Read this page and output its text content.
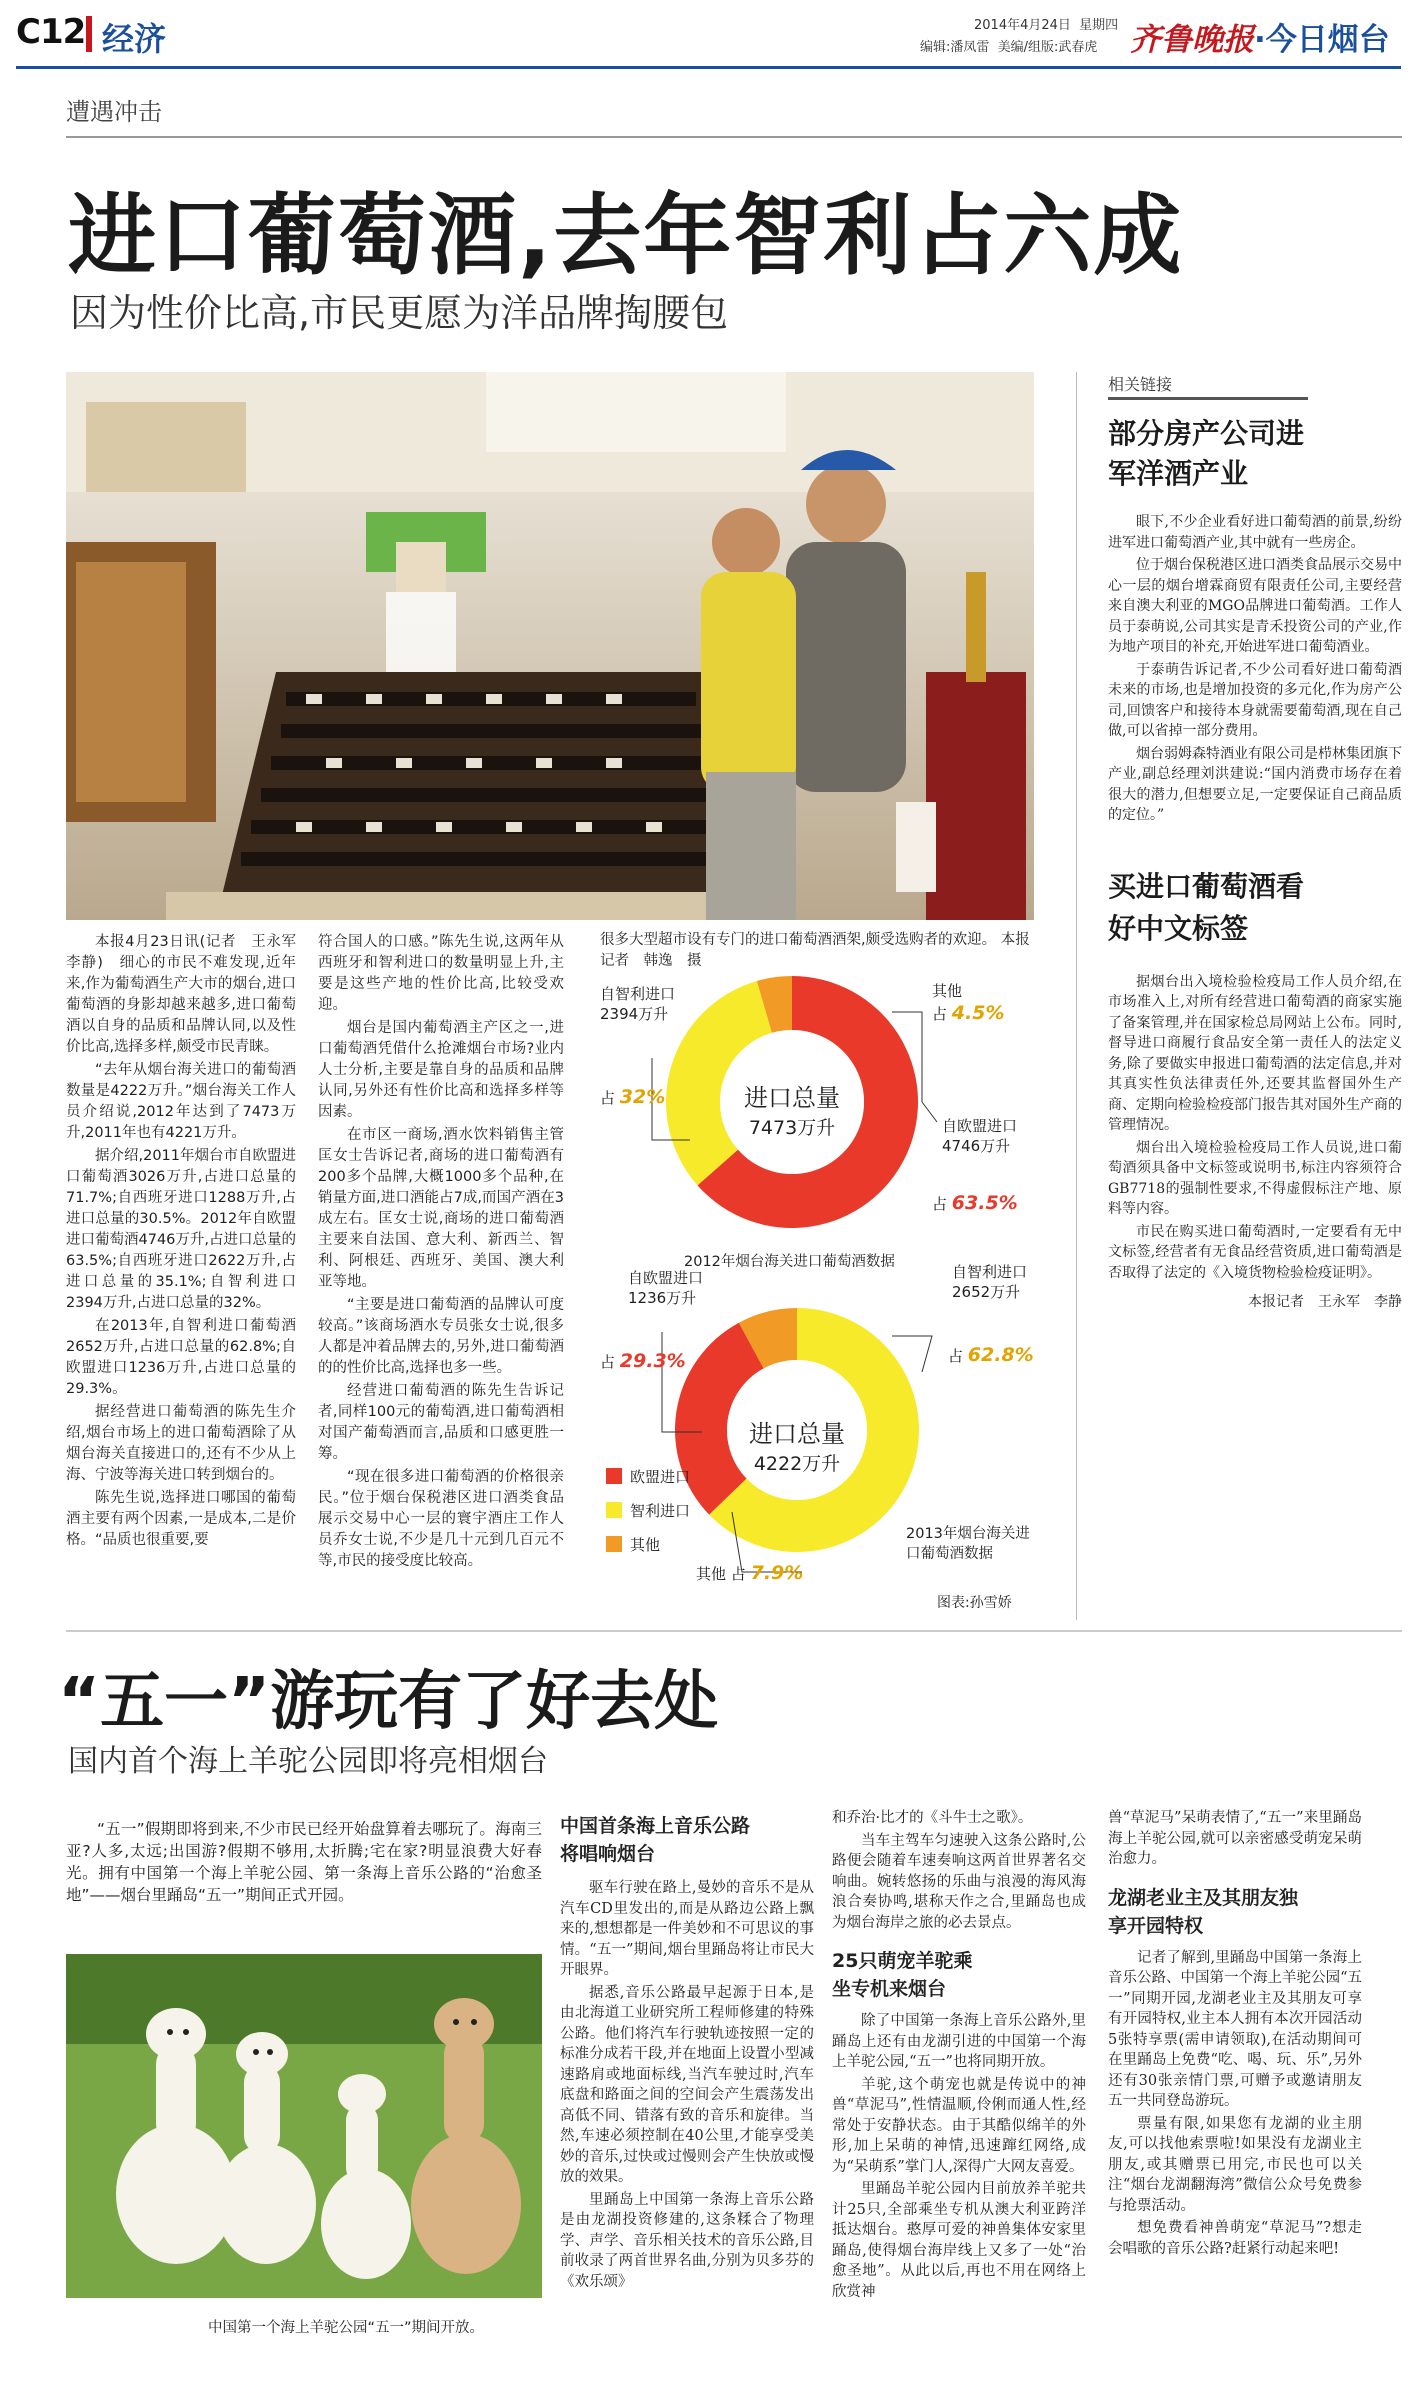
C12 经济	2014年4月24日 星期四
编辑:潘凤雷 美编/组版:武春虎 齐鲁晚报·今日烟台
遭遇冲击
进口葡萄酒,去年智利占六成
因为性价比高,市民更愿为洋品牌掏腰包

本报4月23日讯(记者　王永军　李静)　细心的市民不难发现,近年来,作为葡萄酒生产大市的烟台,进口葡萄酒的身影却越来越多,进口葡萄酒以自身的品质和品牌认同,以及性价比高,选择多样,颇受市民青睐。

“去年从烟台海关进口的葡萄酒数量是4222万升。”烟台海关工作人员介绍说,2012年达到了7473万升,2011年也有4221万升。

据介绍,2011年烟台市自欧盟进口葡萄酒3026万升,占进口总量的71.7%;自西班牙进口1288万升,占进口总量的30.5%。2012年自欧盟进口葡萄酒4746万升,占进口总量的63.5%;自西班牙进口2622万升,占进口总量的35.1%;自智利进口2394万升,占进口总量的32%。

在2013年,自智利进口葡萄酒2652万升,占进口总量的62.8%;自欧盟进口1236万升,占进口总量的29.3%。

据经营进口葡萄酒的陈先生介绍,烟台市场上的进口葡萄酒除了从烟台海关直接进口的,还有不少从上海、宁波等海关进口转到烟台的。

陈先生说,选择进口哪国的葡萄酒主要有两个因素,一是成本,二是价格。“品质也很重要,要

符合国人的口感。”陈先生说,这两年从西班牙和智利进口的数量明显上升,主要是这些产地的性价比高,比较受欢迎。

烟台是国内葡萄酒主产区之一,进口葡萄酒凭借什么抢滩烟台市场?业内人士分析,主要是靠自身的品质和品牌认同,另外还有性价比高和选择多样等因素。

在市区一商场,酒水饮料销售主管匡女士告诉记者,商场的进口葡萄酒有200多个品牌,大概1000多个品种,在销量方面,进口酒能占7成,而国产酒在3成左右。匡女士说,商场的进口葡萄酒主要来自法国、意大利、新西兰、智利、阿根廷、西班牙、美国、澳大利亚等地。

“主要是进口葡萄酒的品牌认可度较高。”该商场酒水专员张女士说,很多人都是冲着品牌去的,另外,进口葡萄酒的的性价比高,选择也多一些。

经营进口葡萄酒的陈先生告诉记者,同样100元的葡萄酒,进口葡萄酒相对国产葡萄酒而言,品质和口感更胜一筹。

“现在很多进口葡萄酒的价格很亲民。”位于烟台保税港区进口酒类食品展示交易中心一层的寰宇酒庄工作人员乔女士说,不少是几十元到几百元不等,市民的接受度比较高。

很多大型超市设有专门的进口葡萄酒酒架,颇受选购者的欢迎。 本报记者　韩逸　摄
自智利进口2394万升
占 32%
其他
占 4.5%
自欧盟进口4746万升
占 63.5%
进口总量
7473万升
2012年烟台海关进口葡萄酒数据
自欧盟进口1236万升
占 29.3%
自智利进口2652万升
占 62.8%
进口总量
4222万升
2013年烟台海关进口葡萄酒数据
其他 占 7.9%
欧盟进口
智利进口
其他
图表:孙雪娇
相关链接
部分房产公司进军洋酒产业

眼下,不少企业看好进口葡萄酒的前景,纷纷进军进口葡萄酒产业,其中就有一些房企。

位于烟台保税港区进口酒类食品展示交易中心一层的烟台增霖商贸有限责任公司,主要经营来自澳大利亚的MGO品牌进口葡萄酒。工作人员于泰萌说,公司其实是青禾投资公司的产业,作为地产项目的补充,开始进军进口葡萄酒业。

于泰萌告诉记者,不少公司看好进口葡萄酒未来的市场,也是增加投资的多元化,作为房产公司,回馈客户和接待本身就需要葡萄酒,现在自己做,可以省掉一部分费用。

烟台弱姆森特酒业有限公司是栉林集团旗下产业,副总经理刘洪建说:“国内消费市场存在着很大的潜力,但想要立足,一定要保证自己商品质的定位。”

买进口葡萄酒看好中文标签

据烟台出入境检验检疫局工作人员介绍,在市场准入上,对所有经营进口葡萄酒的商家实施了备案管理,并在国家检总局网站上公布。同时,督导进口商履行食品安全第一责任人的法定义务,除了要做实申报进口葡萄酒的法定信息,并对其真实性负法律责任外,还要其监督国外生产商、定期向检验检疫部门报告其对国外生产商的管理情况。

烟台出入境检验检疫局工作人员说,进口葡萄酒须具备中文标签或说明书,标注内容须符合GB7718的强制性要求,不得虚假标注产地、原料等内容。

市民在购买进口葡萄酒时,一定要看有无中文标签,经营者有无食品经营资质,进口葡萄酒是否取得了法定的《入境货物检验检疫证明》。

本报记者　王永军　李静
“五一”游玩有了好去处
国内首个海上羊驼公园即将亮相烟台

“五一”假期即将到来,不少市民已经开始盘算着去哪玩了。海南三亚?人多,太远;出国游?假期不够用,太折腾;宅在家?明显浪费大好春光。拥有中国第一个海上羊驼公园、第一条海上音乐公路的“治愈圣地”——烟台里踊岛“五一”期间正式开园。

中国第一个海上羊驼公园“五一”期间开放。
中国首条海上音乐公路将唱响烟台

驱车行驶在路上,曼妙的音乐不是从汽车CD里发出的,而是从路边公路上飘来的,想想都是一件美妙和不可思议的事情。“五一”期间,烟台里踊岛将让市民大开眼界。

据悉,音乐公路最早起源于日本,是由北海道工业研究所工程师修建的特殊公路。他们将汽车行驶轨迹按照一定的标准分成若干段,并在地面上设置小型减速路肩或地面标线,当汽车驶过时,汽车底盘和路面之间的空间会产生震荡发出高低不同、错落有致的音乐和旋律。当然,车速必须控制在40公里,才能享受美妙的音乐,过快或过慢则会产生快放或慢放的效果。

里踊岛上中国第一条海上音乐公路是由龙湖投资修建的,这条糅合了物理学、声学、音乐相关技术的音乐公路,目前收录了两首世界名曲,分别为贝多芬的《欢乐颂》

和乔治·比才的《斗牛士之歌》。

当车主驾车匀速驶入这条公路时,公路便会随着车速奏响这两首世界著名交响曲。婉转悠扬的乐曲与浪漫的海风海浪合奏协鸣,堪称天作之合,里踊岛也成为烟台海岸之旅的必去景点。

25只萌宠羊驼乘坐专机来烟台

除了中国第一条海上音乐公路外,里踊岛上还有由龙湖引进的中国第一个海上羊驼公园,“五一”也将同期开放。

羊驼,这个萌宠也就是传说中的神兽“草泥马”,性情温顺,伶俐而通人性,经常处于安静状态。由于其酷似绵羊的外形,加上呆萌的神情,迅速蹿红网络,成为“呆萌系”掌门人,深得广大网友喜爱。

里踊岛羊驼公园内目前放养羊驼共计25只,全部乘坐专机从澳大利亚跨洋抵达烟台。憨厚可爱的神兽集体安家里踊岛,使得烟台海岸线上又多了一处“治愈圣地”。从此以后,再也不用在网络上欣赏神

兽“草泥马”呆萌表情了,“五一”来里踊岛海上羊驼公园,就可以亲密感受萌宠呆萌治愈力。

龙湖老业主及其朋友独享开园特权

记者了解到,里踊岛中国第一条海上音乐公路、中国第一个海上羊驼公园“五一”同期开园,龙湖老业主及其朋友可享有开园特权,业主本人拥有本次开园活动5张特享票(需申请领取),在活动期间可在里踊岛上免费“吃、喝、玩、乐”,另外还有30张亲情门票,可赠予或邀请朋友五一共同登岛游玩。

票量有限,如果您有龙湖的业主朋友,可以找他索票啦!如果没有龙湖业主朋友,或其赠票已用完,市民也可以关注“烟台龙湖翻海湾”微信公众号免费参与抢票活动。

想免费看神兽萌宠“草泥马”?想走会唱歌的音乐公路?赶紧行动起来吧!
